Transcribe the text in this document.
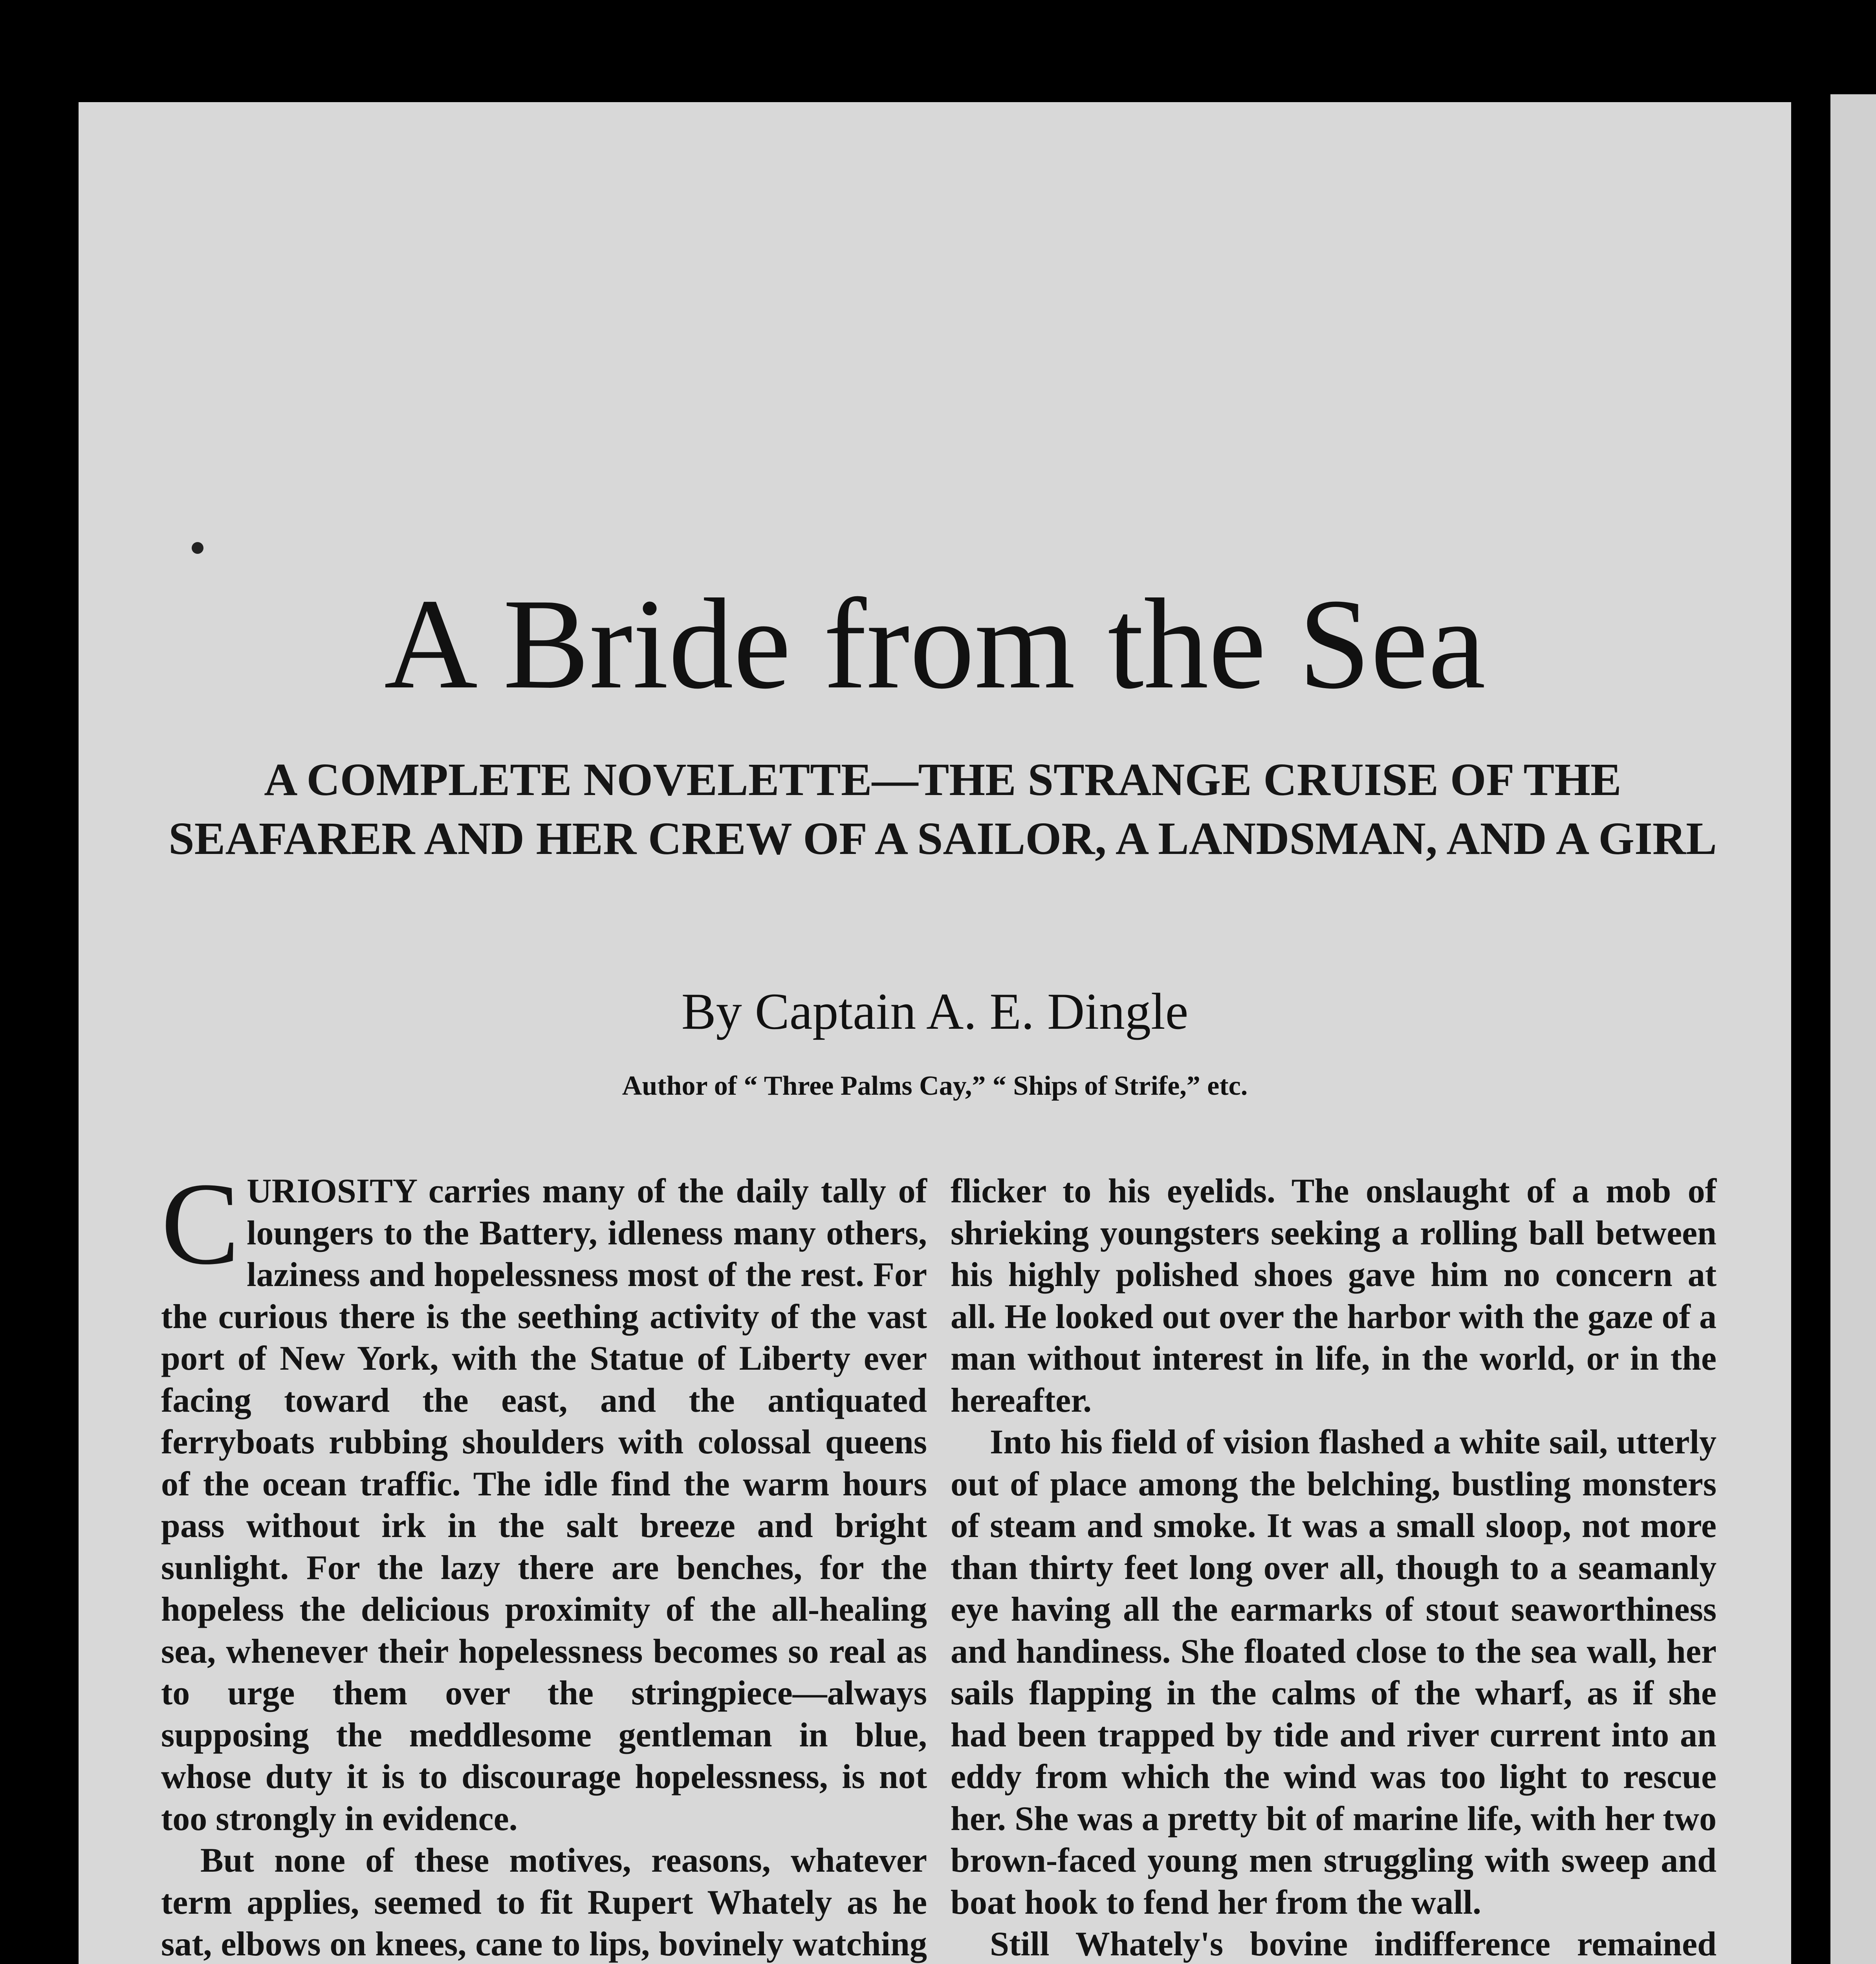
A Bride from the Sea
A COMPLETE NOVELETTE—THE STRANGE CRUISE OF THE SEAFARER AND HER CREW OF A SAILOR, A LANDSMAN, AND A GIRL

By Captain A. E. Dingle

Author of “ Three Palms Cay,” “ Ships of Strife,” etc.

CURIOSITY carries many of the daily tally of loungers to the Battery, idleness many others, laziness and hopelessness most of the rest. For the curious there is the seething activity of the vast port of New York, with the Statue of Liberty ever facing toward the east, and the antiquated ferryboats rubbing shoulders with colossal queens of the ocean traffic. The idle find the warm hours pass without irk in the salt breeze and bright sunlight. For the lazy there are benches, for the hopeless the delicious proximity of the all-healing sea, whenever their hopelessness becomes so real as to urge them over the stringpiece—always supposing the meddlesome gentleman in blue, whose duty it is to discourage hopelessness, is not too strongly in evidence.

But none of these motives, reasons, whatever term applies, seemed to fit Rupert Whately as he sat, elbows on knees, cane to lips, bovinely watching

flicker to his eyelids. The onslaught of a mob of shrieking youngsters seeking a rolling ball between his highly polished shoes gave him no concern at all. He looked out over the harbor with the gaze of a man without interest in life, in the world, or in the hereafter.

Into his field of vision flashed a white sail, utterly out of place among the belching, bustling monsters of steam and smoke. It was a small sloop, not more than thirty feet long over all, though to a seamanly eye having all the earmarks of stout seaworthiness and handiness. She floated close to the sea wall, her sails flapping in the calms of the wharf, as if she had been trapped by tide and river current into an eddy from which the wind was too light to rescue her. She was a pretty bit of marine life, with her two brown-faced young men struggling with sweep and boat hook to fend her from the wall.

Still Whately's bovine indifference remained
